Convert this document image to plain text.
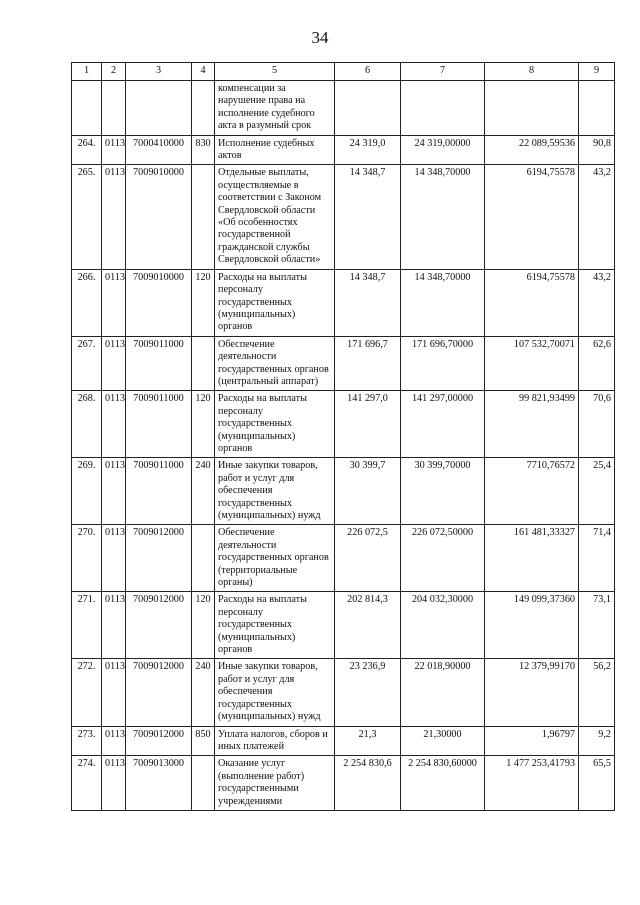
34
1	2	3	4	5	6	7	8	9
				компенсации за нарушение права на исполнение судебного акта в разумный срок				
264.	0113	7000410000	830	Исполнение судебных актов	24 319,0	24 319,00000	22 089,59536	90,8
265.	0113	7009010000		Отдельные выплаты, осуществляемые в соответствии с Законом Свердловской области «Об особенностях государственной гражданской службы Свердловской области»	14 348,7	14 348,70000	6194,75578	43,2
266.	0113	7009010000	120	Расходы на выплаты персоналу государственных (муниципальных) органов	14 348,7	14 348,70000	6194,75578	43,2
267.	0113	7009011000		Обеспечение деятельности государственных органов (центральный аппарат)	171 696,7	171 696,70000	107 532,70071	62,6
268.	0113	7009011000	120	Расходы на выплаты персоналу государственных (муниципальных) органов	141 297,0	141 297,00000	99 821,93499	70,6
269.	0113	7009011000	240	Иные закупки товаров, работ и услуг для обеспечения государственных (муниципальных) нужд	30 399,7	30 399,70000	7710,76572	25,4
270.	0113	7009012000		Обеспечение деятельности государственных органов (территориальные органы)	226 072,5	226 072,50000	161 481,33327	71,4
271.	0113	7009012000	120	Расходы на выплаты персоналу государственных (муниципальных) органов	202 814,3	204 032,30000	149 099,37360	73,1
272.	0113	7009012000	240	Иные закупки товаров, работ и услуг для обеспечения государственных (муниципальных) нужд	23 236,9	22 018,90000	12 379,99170	56,2
273.	0113	7009012000	850	Уплата налогов, сборов и иных платежей	21,3	21,30000	1,96797	9,2
274.	0113	7009013000		Оказание услуг (выполнение работ) государственными учреждениями	2 254 830,6	2 254 830,60000	1 477 253,41793	65,5
